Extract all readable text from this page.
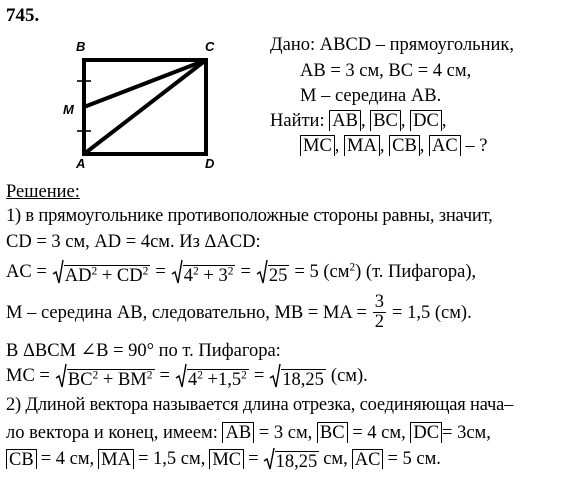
745.
B	C
M
A	D
Дано: ABCD – прямоугольник,
AB = 3 см, BC = 4 см,
M – середина AB.
Найти: AB , BC , DC ,
MC , MA , CB , AC – ?
Решение:
1) в прямоугольнике противоположные стороны равны, значит,
CD = 3 см, AD = 4см. Из ΔACD:
AC = $AD^2 + CD^2 = 4^2 + 3^2 = 25 = 5$ $(см^2)$ (т. Пифагора),
M – середина AB, следовательно, MB = MA = $\frac{3}{2} = 1,5$ (см).
В ΔBCM ∠B = 90° по т. Пифагора:
MC = $BC^2 + BM^2 = 4^2 +1,5^2 = 18,25$ (см).
2) Длиной вектора называется длина отрезка, соединяющая нача–
ло вектора и конец, имеем: AB = 3 см, BC = 4 см, DC = 3см,
CB = 4 см, MA = 1,5 см, MC = 18,25 см, AC = 5 см.
